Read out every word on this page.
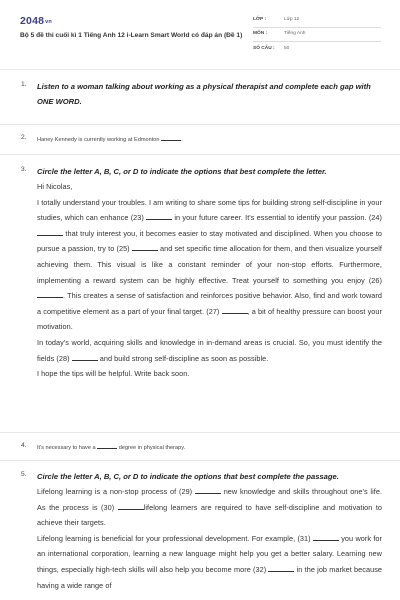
2048vn
Bộ 5 đề thi cuối kì 1 Tiếng Anh 12 i-Learn Smart World có đáp án (Đề 1)
LỚP :	Lớp 12
MÔN :	Tiếng Anh
SỐ CÂU : 50
1. Listen to a woman talking about working as a physical therapist and complete each gap with ONE WORD.
2. Haney Kennedy is currently working at Edmonton	.
3. Circle the letter A, B, C, or D to indicate the options that best complete the letter.
Hi Nicolas,
I totally understand your troubles. I am writing to share some tips for building strong self-discipline in your studies, which can enhance (23)	in your future career. It's essential to identify your passion. (24)  that truly interest you, it becomes easier to stay motivated and disciplined. When you choose to pursue a passion, try to (25)	and set specific time allocation for them, and then visualize yourself achieving them. This visual is like a constant reminder of your non-stop efforts. Furthermore, implementing a reward system can be highly effective. Treat yourself to something you enjoy (26) . This creates a sense of satisfaction and reinforces positive behavior. Also, find and work toward a competitive element as a part of your final target. (27)	, a bit of healthy pressure can boost your motivation.
In today's world, acquiring skills and knowledge in in-demand areas is crucial. So, you must identify the fields (28)	and build strong self-discipline as soon as possible.
I hope the tips will be helpful. Write back soon.
4. It's necessary to have a	degree in physical therapy.
5. Circle the letter A, B, C, or D to indicate the options that best complete the passage.
Lifelong learning is a non-stop process of (29)	new knowledge and skills throughout one's life. As the process is (30)	lifelong learners are required to have self-discipline and motivation to achieve their targets.
Lifelong learning is beneficial for your professional development. For example, (31)	you work for an international corporation, learning a new language might help you get a better salary. Learning new things, especially high-tech skills will also help you become more (32)	in the job market because having a wide range of
